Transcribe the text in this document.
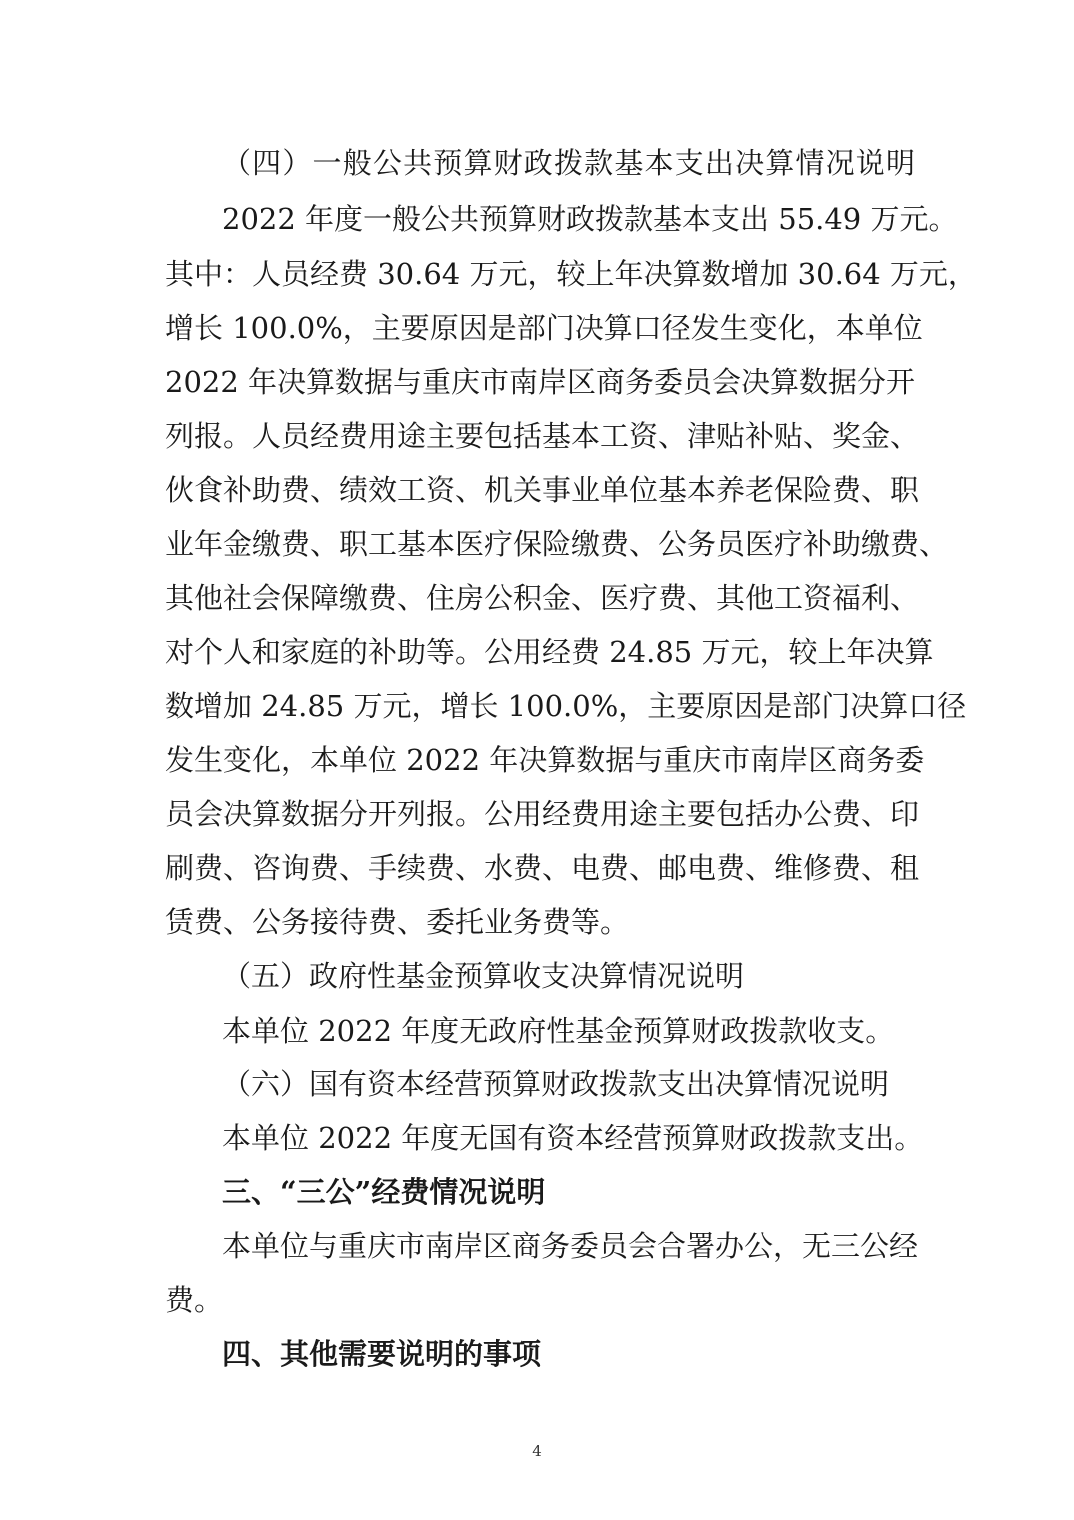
（四）一般公共预算财政拨款基本支出决算情况说明
2022 年度一般公共预算财政拨款基本支出 55.49 万元。
其中：人员经费 30.64 万元，较上年决算数增加 30.64 万元，
增长 100.0%，主要原因是部门决算口径发生变化，本单位
2022 年决算数据与重庆市南岸区商务委员会决算数据分开
列报。人员经费用途主要包括基本工资、津贴补贴、奖金、
伙食补助费、绩效工资、机关事业单位基本养老保险费、职
业年金缴费、职工基本医疗保险缴费、公务员医疗补助缴费、
其他社会保障缴费、住房公积金、医疗费、其他工资福利、
对个人和家庭的补助等。公用经费 24.85 万元，较上年决算
数增加 24.85 万元，增长 100.0%，主要原因是部门决算口径
发生变化，本单位 2022 年决算数据与重庆市南岸区商务委
员会决算数据分开列报。公用经费用途主要包括办公费、印
刷费、咨询费、手续费、水费、电费、邮电费、维修费、租
赁费、公务接待费、委托业务费等。
（五）政府性基金预算收支决算情况说明
本单位 2022 年度无政府性基金预算财政拨款收支。
（六）国有资本经营预算财政拨款支出决算情况说明
本单位 2022 年度无国有资本经营预算财政拨款支出。
三、“三公”经费情况说明
本单位与重庆市南岸区商务委员会合署办公，无三公经
费。
四、其他需要说明的事项
4
